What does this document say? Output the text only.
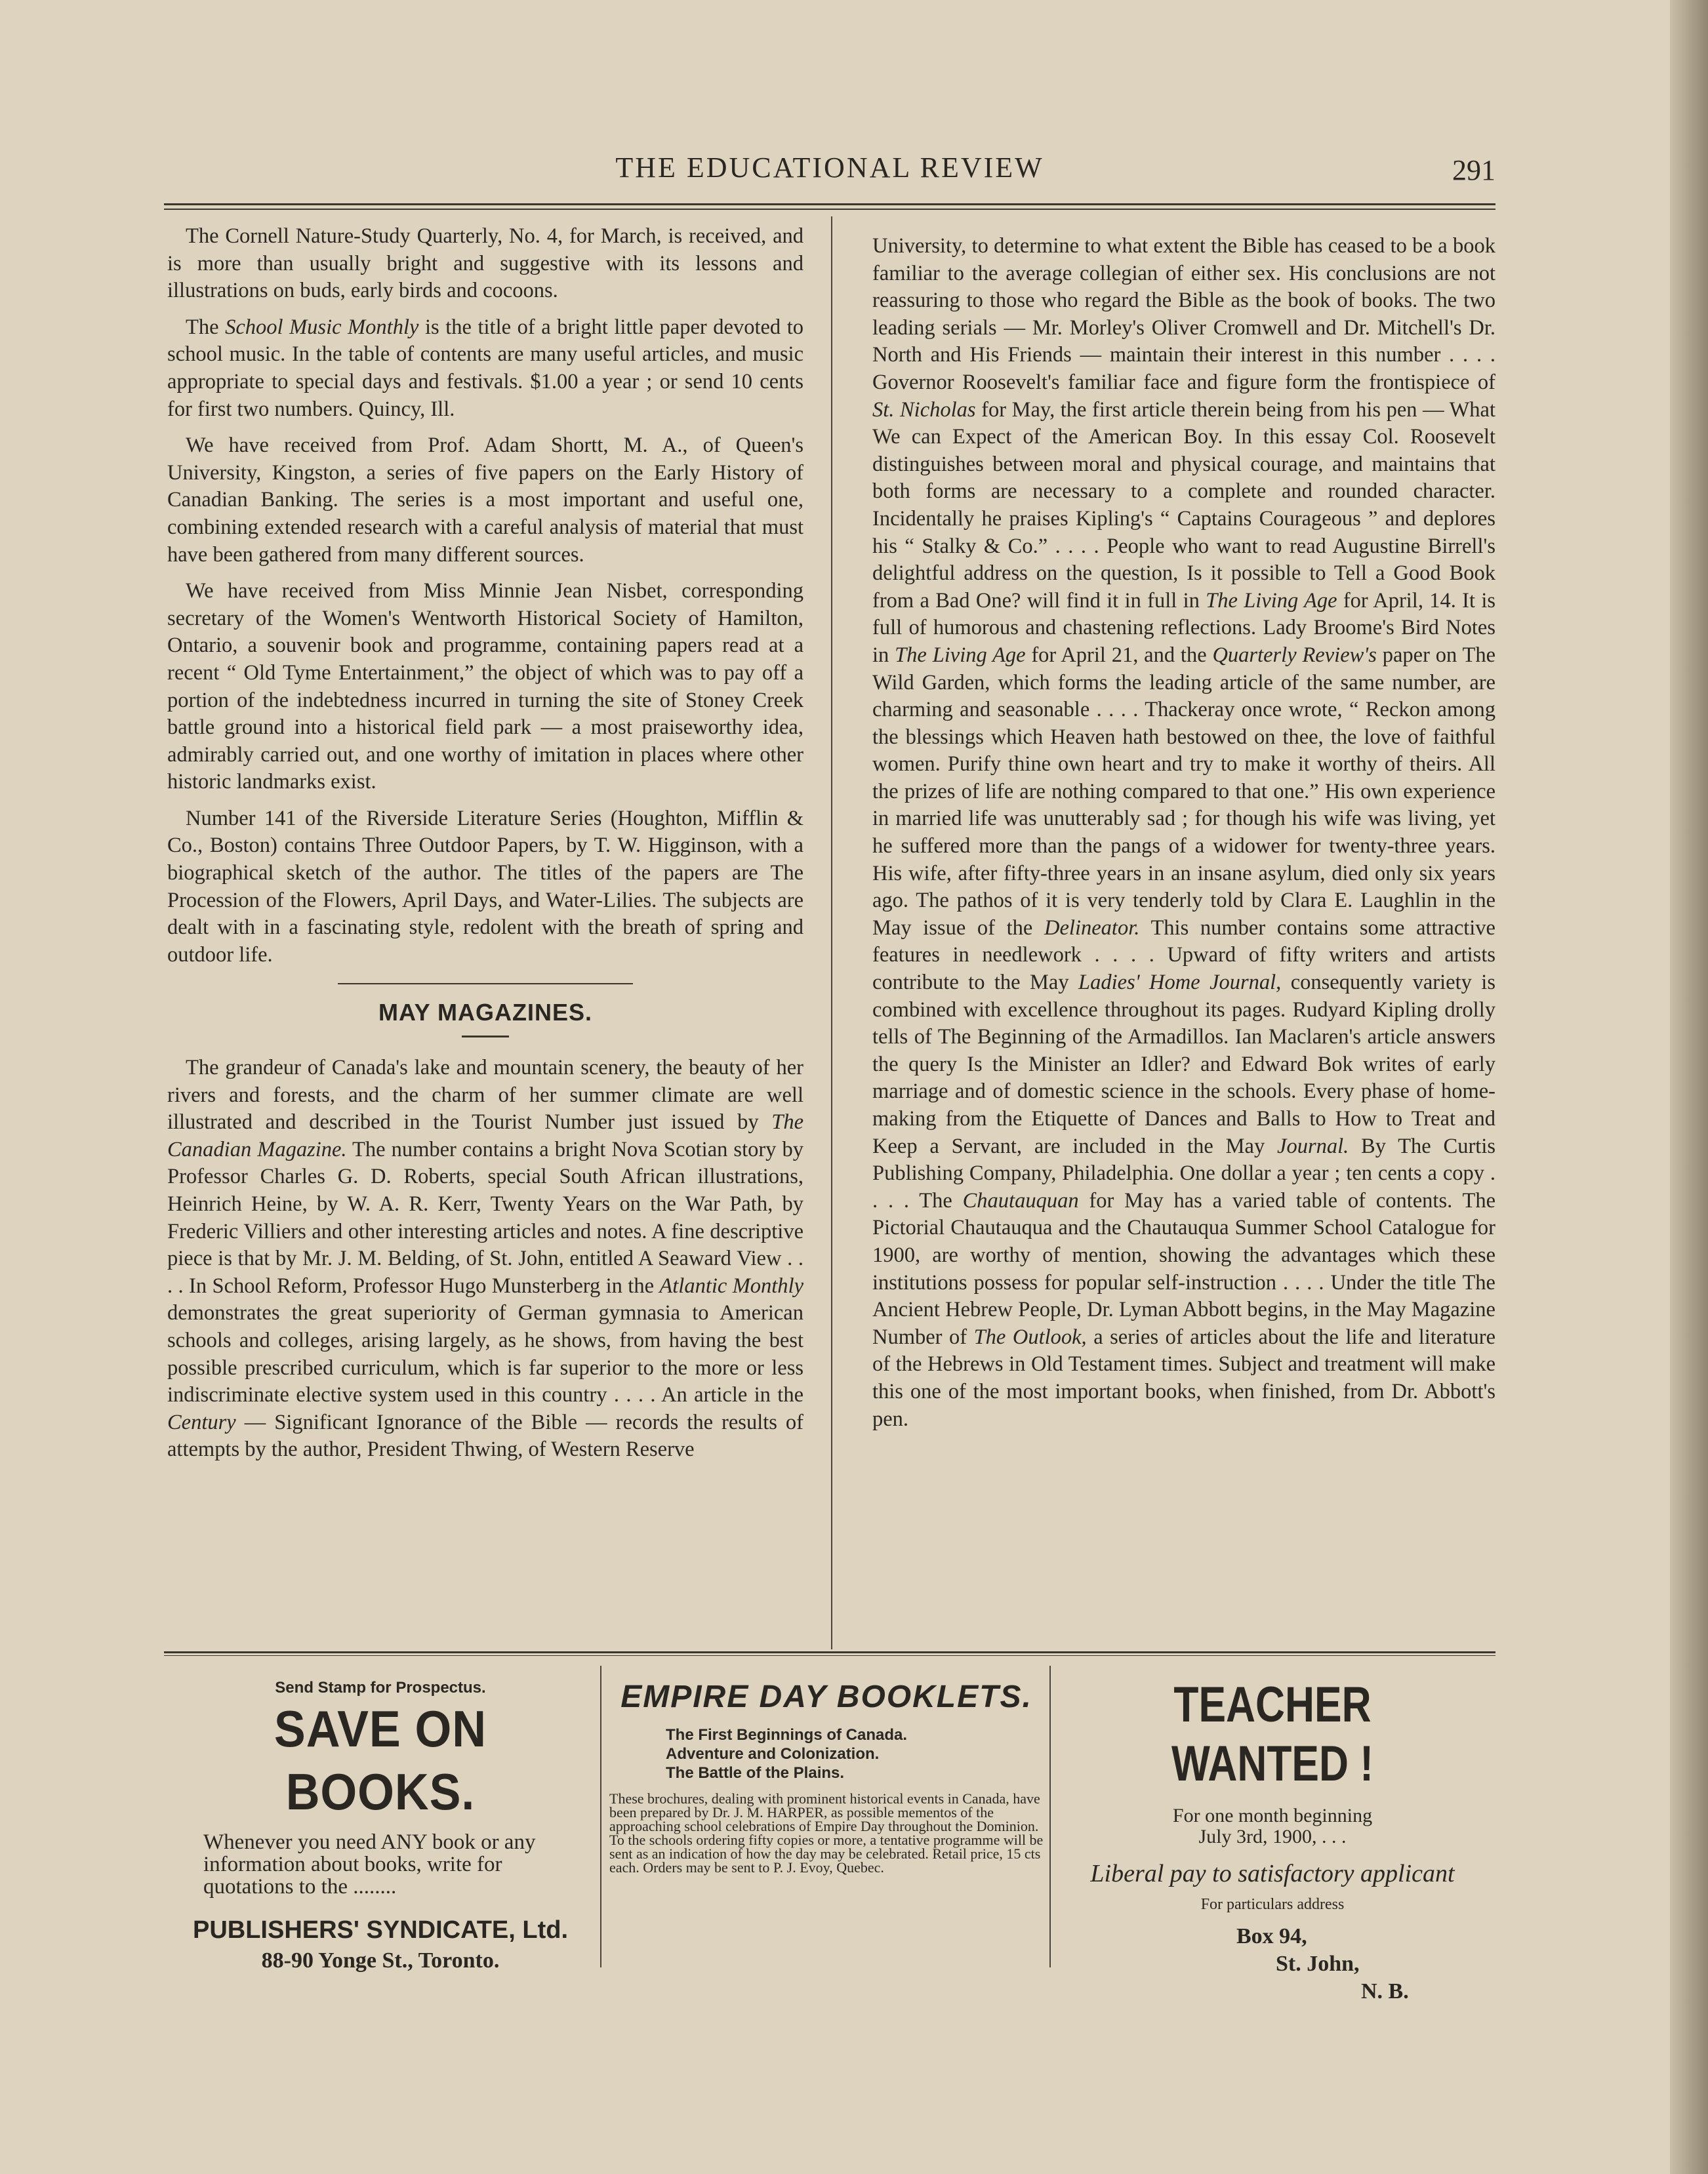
THE EDUCATIONAL REVIEW	291

The Cornell Nature-Study Quarterly, No. 4, for March, is received, and is more than usually bright and suggestive with its lessons and illustrations on buds, early birds and cocoons.

The School Music Monthly is the title of a bright little paper devoted to school music. In the table of contents are many useful articles, and music appropriate to special days and festivals. $1.00 a year ; or send 10 cents for first two numbers. Quincy, Ill.

We have received from Prof. Adam Shortt, M. A., of Queen's University, Kingston, a series of five papers on the Early History of Canadian Banking. The series is a most important and useful one, combining extended research with a careful analysis of material that must have been gathered from many different sources.

We have received from Miss Minnie Jean Nisbet, corresponding secretary of the Women's Wentworth Historical Society of Hamilton, Ontario, a souvenir book and programme, containing papers read at a recent “ Old Tyme Entertainment,” the object of which was to pay off a portion of the indebtedness incurred in turning the site of Stoney Creek battle ground into a historical field park — a most praiseworthy idea, admirably carried out, and one worthy of imitation in places where other historic landmarks exist.

Number 141 of the Riverside Literature Series (Houghton, Mifflin & Co., Boston) contains Three Outdoor Papers, by T. W. Higginson, with a biographical sketch of the author. The titles of the papers are The Procession of the Flowers, April Days, and Water-Lilies. The subjects are dealt with in a fascinating style, redolent with the breath of spring and outdoor life.

MAY MAGAZINES.

The grandeur of Canada's lake and mountain scenery, the beauty of her rivers and forests, and the charm of her summer climate are well illustrated and described in the Tourist Number just issued by The Canadian Magazine. The number contains a bright Nova Scotian story by Professor Charles G. D. Roberts, special South African illustrations, Heinrich Heine, by W. A. R. Kerr, Twenty Years on the War Path, by Frederic Villiers and other interesting articles and notes. A fine descriptive piece is that by Mr. J. M. Belding, of St. John, entitled A Seaward View . . . . In School Reform, Professor Hugo Munsterberg in the Atlantic Monthly demonstrates the great superiority of German gymnasia to American schools and colleges, arising largely, as he shows, from having the best possible prescribed curriculum, which is far superior to the more or less indiscriminate elective system used in this country . . . . An article in the Century — Significant Ignorance of the Bible — records the results of attempts by the author, President Thwing, of Western Reserve

University, to determine to what extent the Bible has ceased to be a book familiar to the average collegian of either sex. His conclusions are not reassuring to those who regard the Bible as the book of books. The two leading serials — Mr. Morley's Oliver Cromwell and Dr. Mitchell's Dr. North and His Friends — maintain their interest in this number . . . . Governor Roosevelt's familiar face and figure form the frontispiece of St. Nicholas for May, the first article therein being from his pen — What We can Expect of the American Boy. In this essay Col. Roosevelt distinguishes between moral and physical courage, and maintains that both forms are necessary to a complete and rounded character. Incidentally he praises Kipling's “ Captains Courageous ” and deplores his “ Stalky & Co.” . . . . People who want to read Augustine Birrell's delightful address on the question, Is it possible to Tell a Good Book from a Bad One? will find it in full in The Living Age for April, 14. It is full of humorous and chastening reflections. Lady Broome's Bird Notes in The Living Age for April 21, and the Quarterly Review's paper on The Wild Garden, which forms the leading article of the same number, are charming and seasonable . . . . Thackeray once wrote, “ Reckon among the blessings which Heaven hath bestowed on thee, the love of faithful women. Purify thine own heart and try to make it worthy of theirs. All the prizes of life are nothing compared to that one.” His own experience in married life was unutterably sad ; for though his wife was living, yet he suffered more than the pangs of a widower for twenty-three years. His wife, after fifty-three years in an insane asylum, died only six years ago. The pathos of it is very tenderly told by Clara E. Laughlin in the May issue of the Delineator. This number contains some attractive features in needlework . . . . Upward of fifty writers and artists contribute to the May Ladies' Home Journal, consequently variety is combined with excellence throughout its pages. Rudyard Kipling drolly tells of The Beginning of the Armadillos. Ian Maclaren's article answers the query Is the Minister an Idler? and Edward Bok writes of early marriage and of domestic science in the schools. Every phase of home-making from the Etiquette of Dances and Balls to How to Treat and Keep a Servant, are included in the May Journal. By The Curtis Publishing Company, Philadelphia. One dollar a year ; ten cents a copy . . . . The Chautauquan for May has a varied table of contents. The Pictorial Chautauqua and the Chautauqua Summer School Catalogue for 1900, are worthy of mention, showing the advantages which these institutions possess for popular self-instruction . . . . Under the title The Ancient Hebrew People, Dr. Lyman Abbott begins, in the May Magazine Number of The Outlook, a series of articles about the life and literature of the Hebrews in Old Testament times. Subject and treatment will make this one of the most important books, when finished, from Dr. Abbott's pen.

Send Stamp for Prospectus.
SAVE ON BOOKS.
Whenever you need ANY book or any information about books, write for quotations to the ........
PUBLISHERS' SYNDICATE, Ltd.
88-90 Yonge St., Toronto.
EMPIRE DAY BOOKLETS.
The First Beginnings of Canada.
Adventure and Colonization.
The Battle of the Plains.
These brochures, dealing with prominent historical events in Canada, have been prepared by Dr. J. M. HARPER, as possible mementos of the approaching school celebrations of Empire Day throughout the Dominion. To the schools ordering fifty copies or more, a tentative programme will be sent as an indication of how the day may be celebrated. Retail price, 15 cts each. Orders may be sent to P. J. Evoy, Quebec.
TEACHER WANTED !
For one month beginning
July 3rd, 1900, . . .
Liberal pay to satisfactory applicant
For particulars address
Box 94,
St. John,
N. B.
